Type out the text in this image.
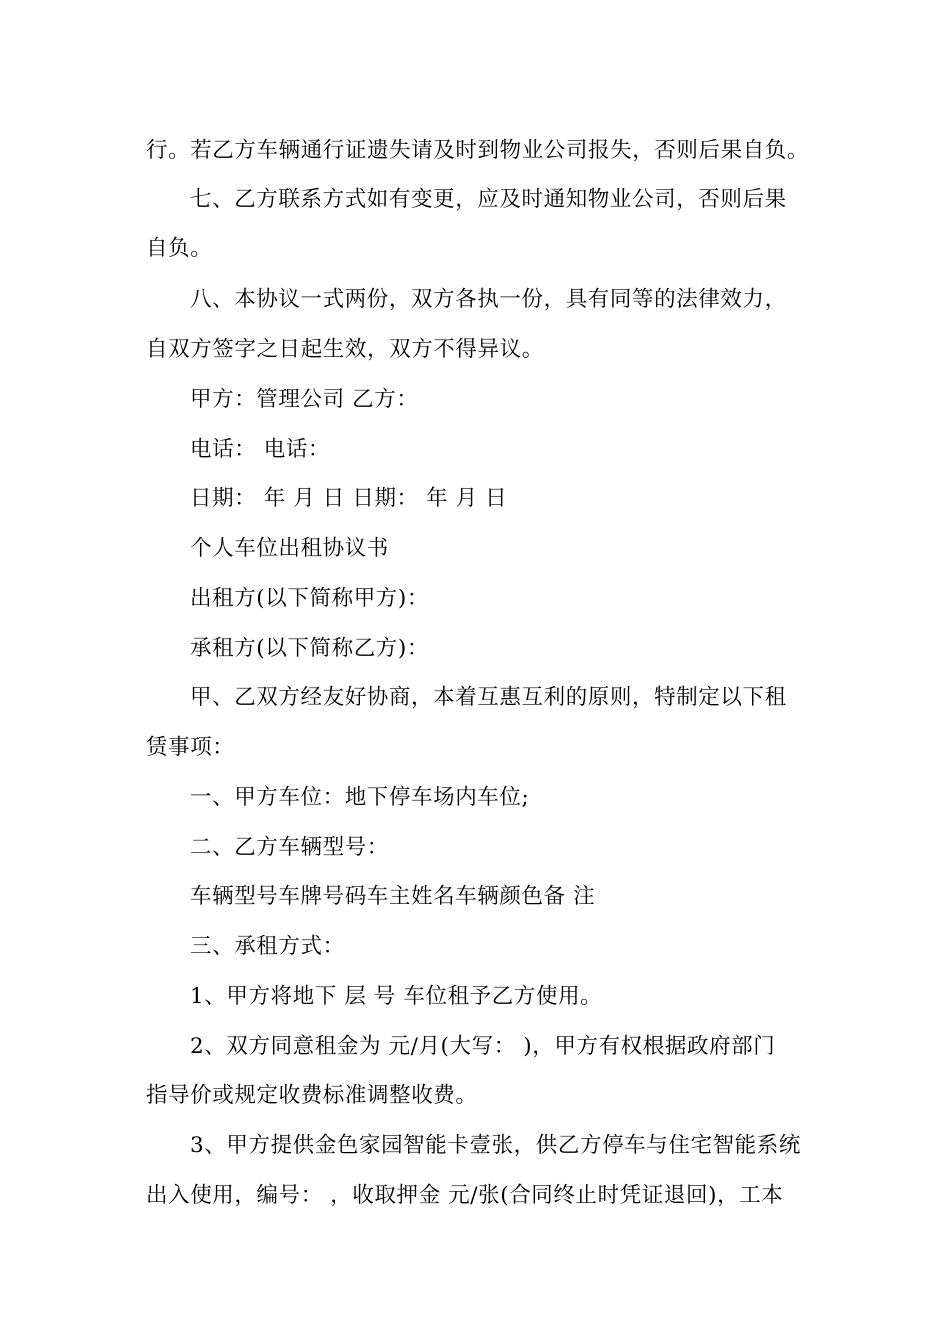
行。若乙方车辆通行证遗失请及时到物业公司报失，否则后果自负。
七、乙方联系方式如有变更，应及时通知物业公司，否则后果
自负。
八、本协议一式两份，双方各执一份，具有同等的法律效力，
自双方签字之日起生效，双方不得异议。
甲方：管理公司 乙方：
电话： 电话：
日期： 年 月 日 日期： 年 月 日
个人车位出租协议书
出租方(以下简称甲方)：
承租方(以下简称乙方)：
甲、乙双方经友好协商，本着互惠互利的原则，特制定以下租
赁事项：
一、甲方车位：地下停车场内车位;
二、乙方车辆型号：
车辆型号车牌号码车主姓名车辆颜色备 注
三、承租方式：
1、甲方将地下 层 号 车位租予乙方使用。
2、双方同意租金为 元/月(大写： )，甲方有权根据政府部门
指导价或规定收费标准调整收费。
3、甲方提供金色家园智能卡壹张，供乙方停车与住宅智能系统
出入使用，编号： ，收取押金 元/张(合同终止时凭证退回)，工本
